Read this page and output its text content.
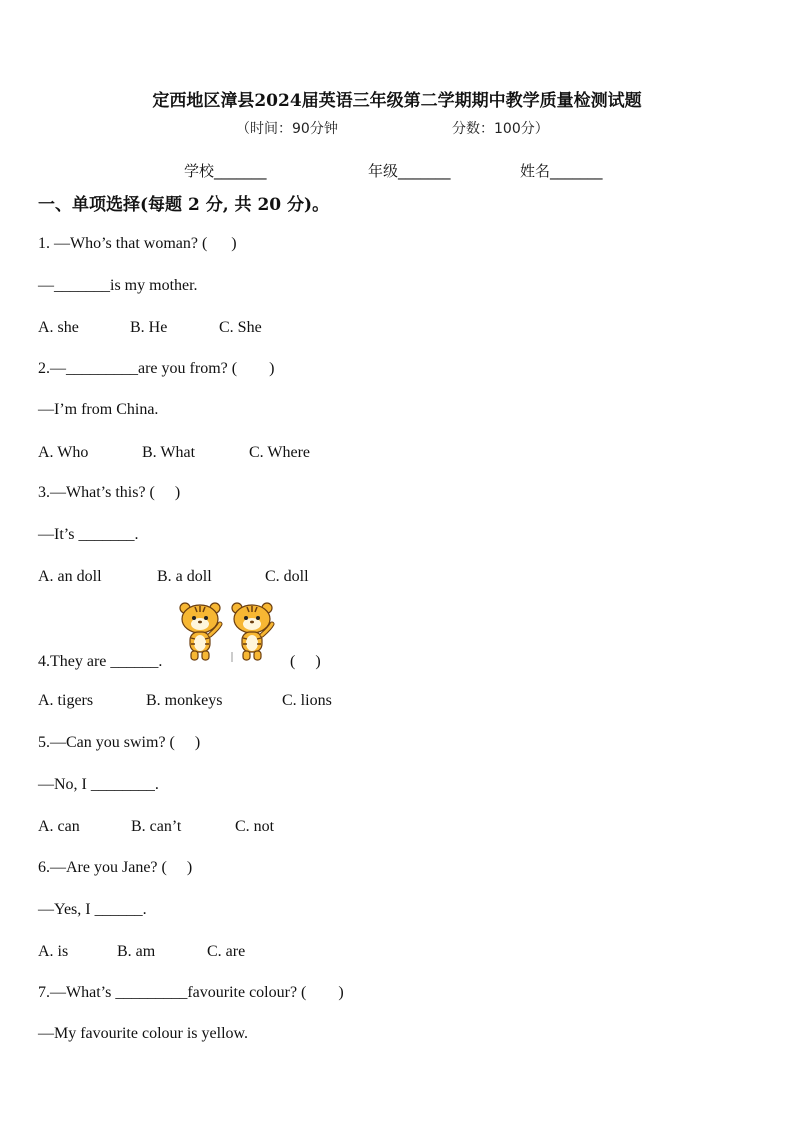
定西地区漳县2024届英语三年级第二学期期中教学质量检测试题
（时间：90分钟	分数：100分）
学校_______	年级_______	姓名_______
一、单项选择(每题 2 分, 共 20 分)。
1. —Who’s that woman? (      )
—_______is my mother.
A. she	B. He	C. She
2.—_________are you from? (        )
—I’m from China.
A. Who	B. What	C. Where
3.—What’s this? (     )
—It’s _______.
A. an doll	B. a doll	C. doll
4.They are ______.	(     )
A. tigers	B. monkeys	C. lions
5.—Can you swim? (     )
—No, I ________.
A. can	B. can’t	C. not
6.—Are you Jane? (     )
—Yes, I ______.
A. is	B. am	C. are
7.—What’s _________favourite colour? (        )
—My favourite colour is yellow.
